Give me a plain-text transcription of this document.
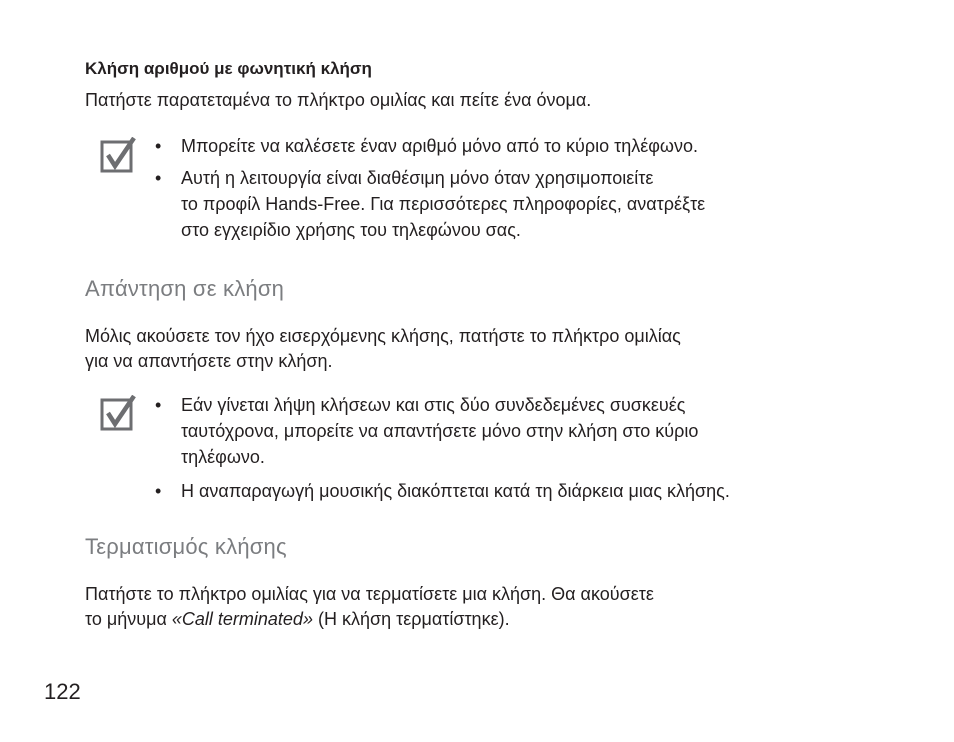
Κλήση αριθμού με φωνητική κλήση
Πατήστε παρατεταμένα το πλήκτρο ομιλίας και πείτε ένα όνομα.
•	Μπορείτε να καλέσετε έναν αριθμό μόνο από το κύριο τηλέφωνο.
•	Αυτή η λειτουργία είναι διαθέσιμη μόνο όταν χρησιμοποιείτε
το προφίλ Hands-Free. Για περισσότερες πληροφορίες, ανατρέξτε
στο εγχειρίδιο χρήσης του τηλεφώνου σας.
Απάντηση σε κλήση
Μόλις ακούσετε τον ήχο εισερχόμενης κλήσης, πατήστε το πλήκτρο ομιλίας
για να απαντήσετε στην κλήση.
•	Εάν γίνεται λήψη κλήσεων και στις δύο συνδεδεμένες συσκευές
ταυτόχρονα, μπορείτε να απαντήσετε μόνο στην κλήση στο κύριο
τηλέφωνο.
•	Η αναπαραγωγή μουσικής διακόπτεται κατά τη διάρκεια μιας κλήσης.
Τερματισμός κλήσης
Πατήστε το πλήκτρο ομιλίας για να τερματίσετε μια κλήση. Θα ακούσετε
το μήνυμα «Call terminated» (Η κλήση τερματίστηκε).
122
